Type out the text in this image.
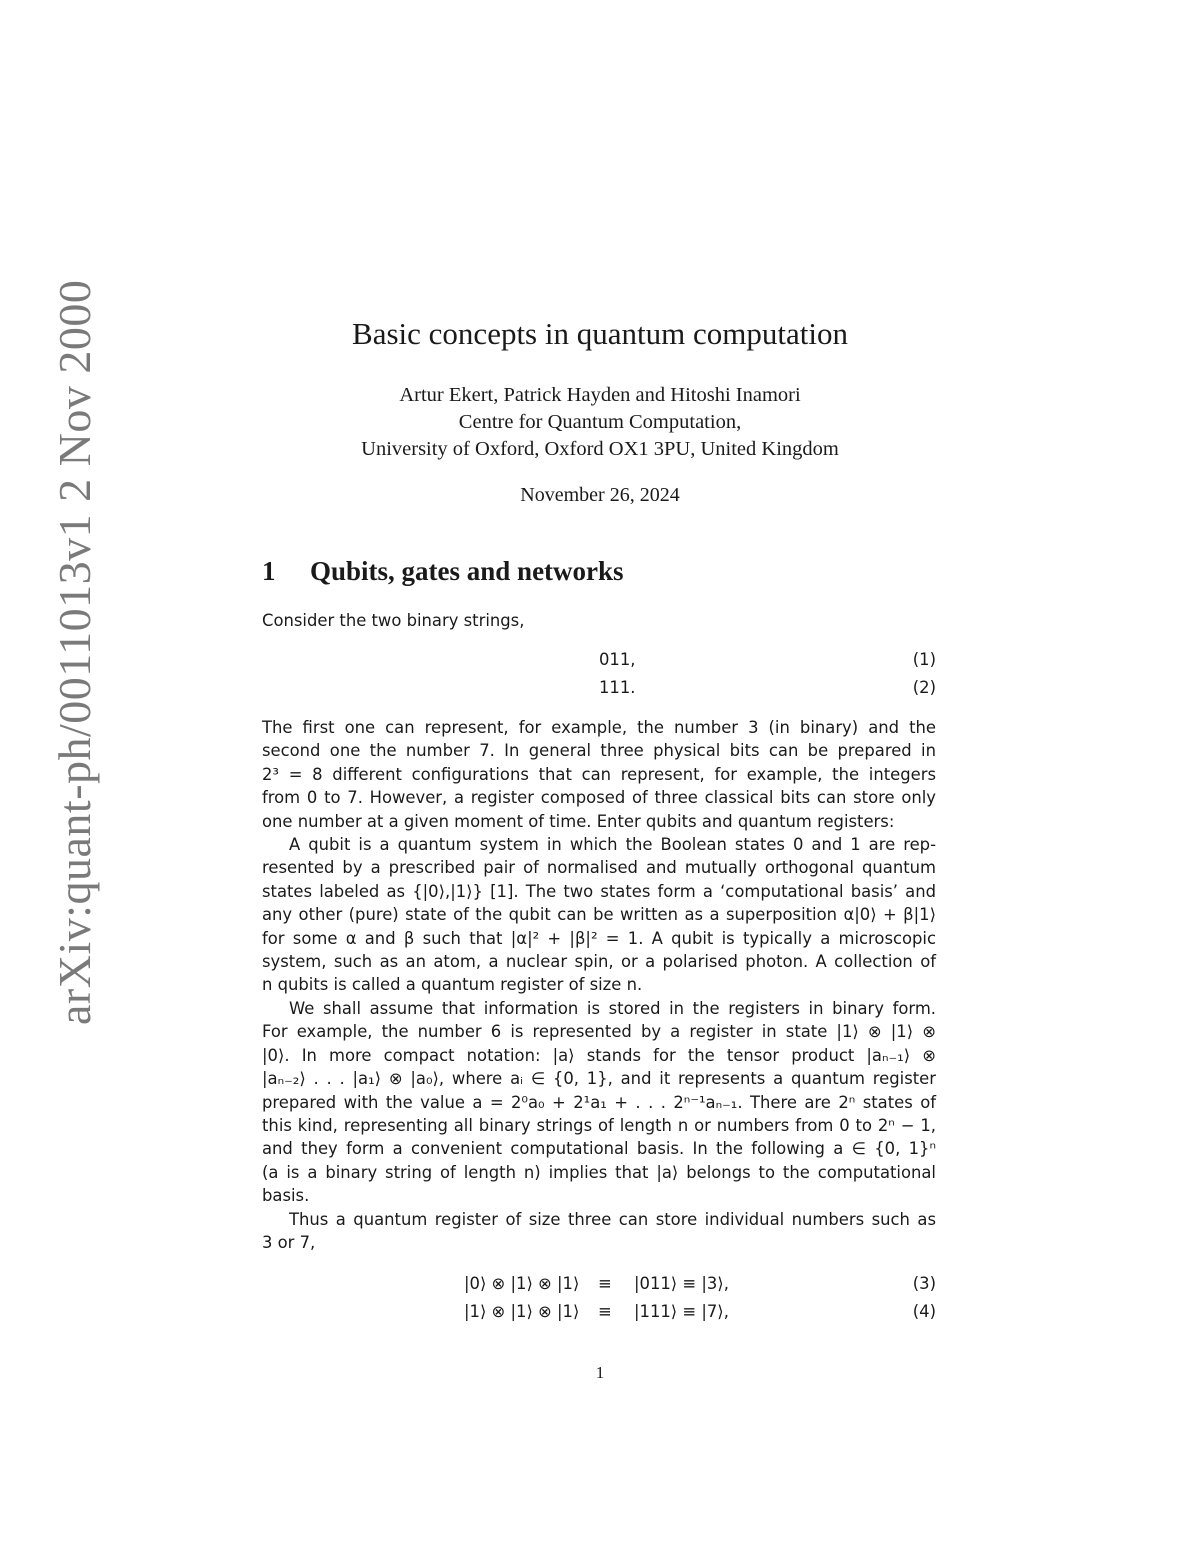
arXiv:quant-ph/0011013v1 2 Nov 2000	Basic concepts in quantum computation
Artur Ekert, Patrick Hayden and Hitoshi Inamori
Centre for Quantum Computation,
University of Oxford, Oxford OX1 3PU, United Kingdom
November 26, 2024
1 Qubits, gates and networks
Consider the two binary strings,
011,	(1)
111.	(2)
The first one can represent, for example, the number 3 (in binary) and the
second one the number 7. In general three physical bits can be prepared in
2³ = 8 different configurations that can represent, for example, the integers
from 0 to 7. However, a register composed of three classical bits can store only
one number at a given moment of time. Enter qubits and quantum registers:
A qubit is a quantum system in which the Boolean states 0 and 1 are rep-
resented by a prescribed pair of normalised and mutually orthogonal quantum
states labeled as {|0⟩,|1⟩} [1]. The two states form a ‘computational basis’ and
any other (pure) state of the qubit can be written as a superposition α|0⟩ + β|1⟩
for some α and β such that |α|² + |β|² = 1. A qubit is typically a microscopic
system, such as an atom, a nuclear spin, or a polarised photon. A collection of
n qubits is called a quantum register of size n.
We shall assume that information is stored in the registers in binary form.
For example, the number 6 is represented by a register in state |1⟩ ⊗ |1⟩ ⊗
|0⟩. In more compact notation: |a⟩ stands for the tensor product |aₙ₋₁⟩ ⊗
|aₙ₋₂⟩ . . . |a₁⟩ ⊗ |a₀⟩, where aᵢ ∈ {0, 1}, and it represents a quantum register
prepared with the value a = 2⁰a₀ + 2¹a₁ + . . . 2ⁿ⁻¹aₙ₋₁. There are 2ⁿ states of
this kind, representing all binary strings of length n or numbers from 0 to 2ⁿ − 1,
and they form a convenient computational basis. In the following a ∈ {0, 1}ⁿ
(a is a binary string of length n) implies that |a⟩ belongs to the computational
basis.
Thus a quantum register of size three can store individual numbers such as
3 or 7,
|0⟩ ⊗ |1⟩ ⊗ |1⟩ ≡ |011⟩ ≡ |3⟩,	(3)
|1⟩ ⊗ |1⟩ ⊗ |1⟩ ≡ |111⟩ ≡ |7⟩,	(4)
1
